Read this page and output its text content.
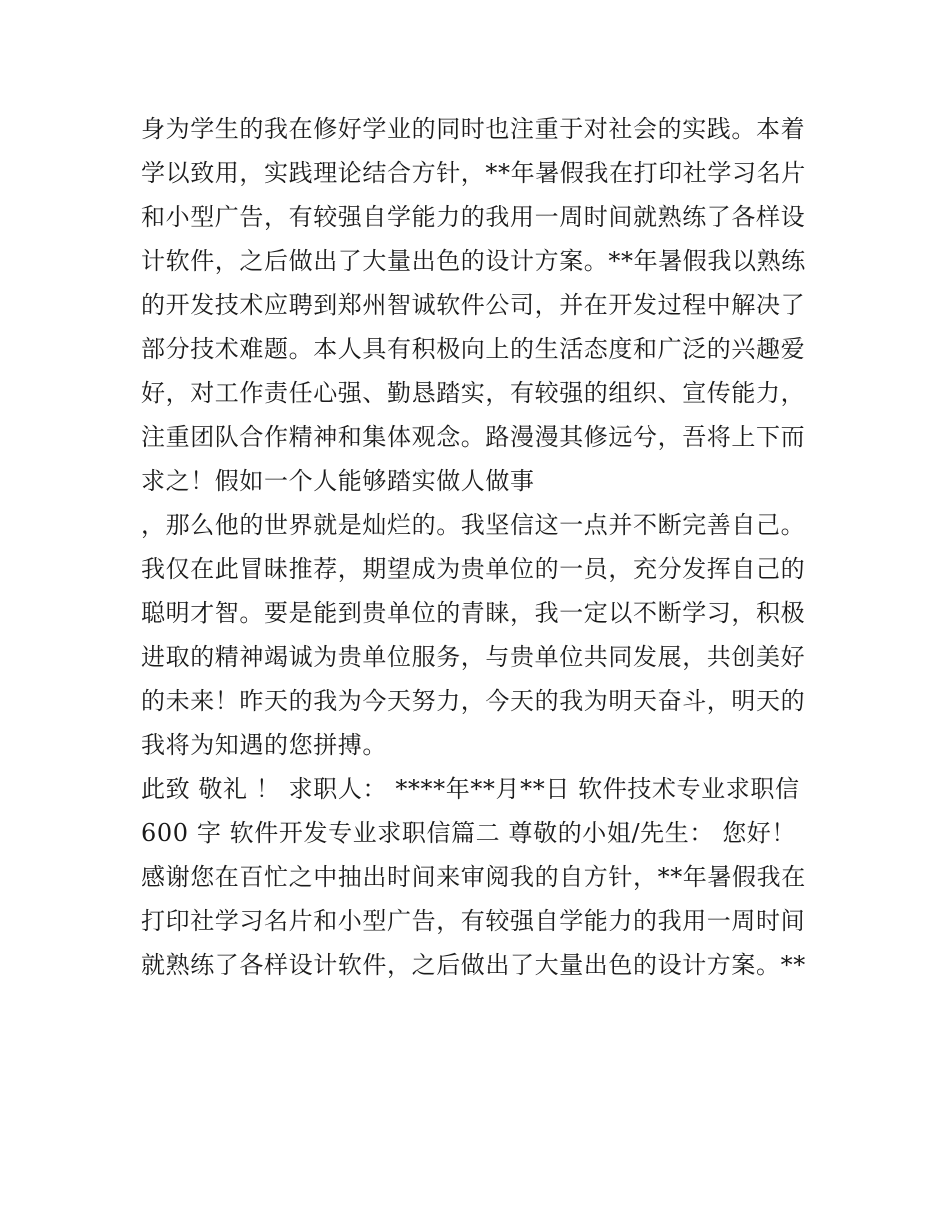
身为学生的我在修好学业的同时也注重于对社会的实践。本着
学以致用，实践理论结合方针，**年暑假我在打印社学习名片
和小型广告，有较强自学能力的我用一周时间就熟练了各样设
计软件，之后做出了大量出色的设计方案。**年暑假我以熟练
的开发技术应聘到郑州智诚软件公司，并在开发过程中解决了
部分技术难题。本人具有积极向上的生活态度和广泛的兴趣爱
好，对工作责任心强、勤恳踏实，有较强的组织、宣传能力，
注重团队合作精神和集体观念。路漫漫其修远兮，吾将上下而
求之！假如一个人能够踏实做人做事
，那么他的世界就是灿烂的。我坚信这一点并不断完善自己。
我仅在此冒昧推荐，期望成为贵单位的一员，充分发挥自己的
聪明才智。要是能到贵单位的青睐，我一定以不断学习，积极
进取的精神竭诚为贵单位服务，与贵单位共同发展，共创美好
的未来！昨天的我为今天努力，今天的我为明天奋斗，明天的
我将为知遇的您拼搏。
此致 敬礼 ！ 求职人： ****年**月**日 软件技术专业求职信
600 字 软件开发专业求职信篇二 尊敬的小姐/先生： 您好！
感谢您在百忙之中抽出时间来审阅我的自方针，**年暑假我在
打印社学习名片和小型广告，有较强自学能力的我用一周时间
就熟练了各样设计软件，之后做出了大量出色的设计方案。**
